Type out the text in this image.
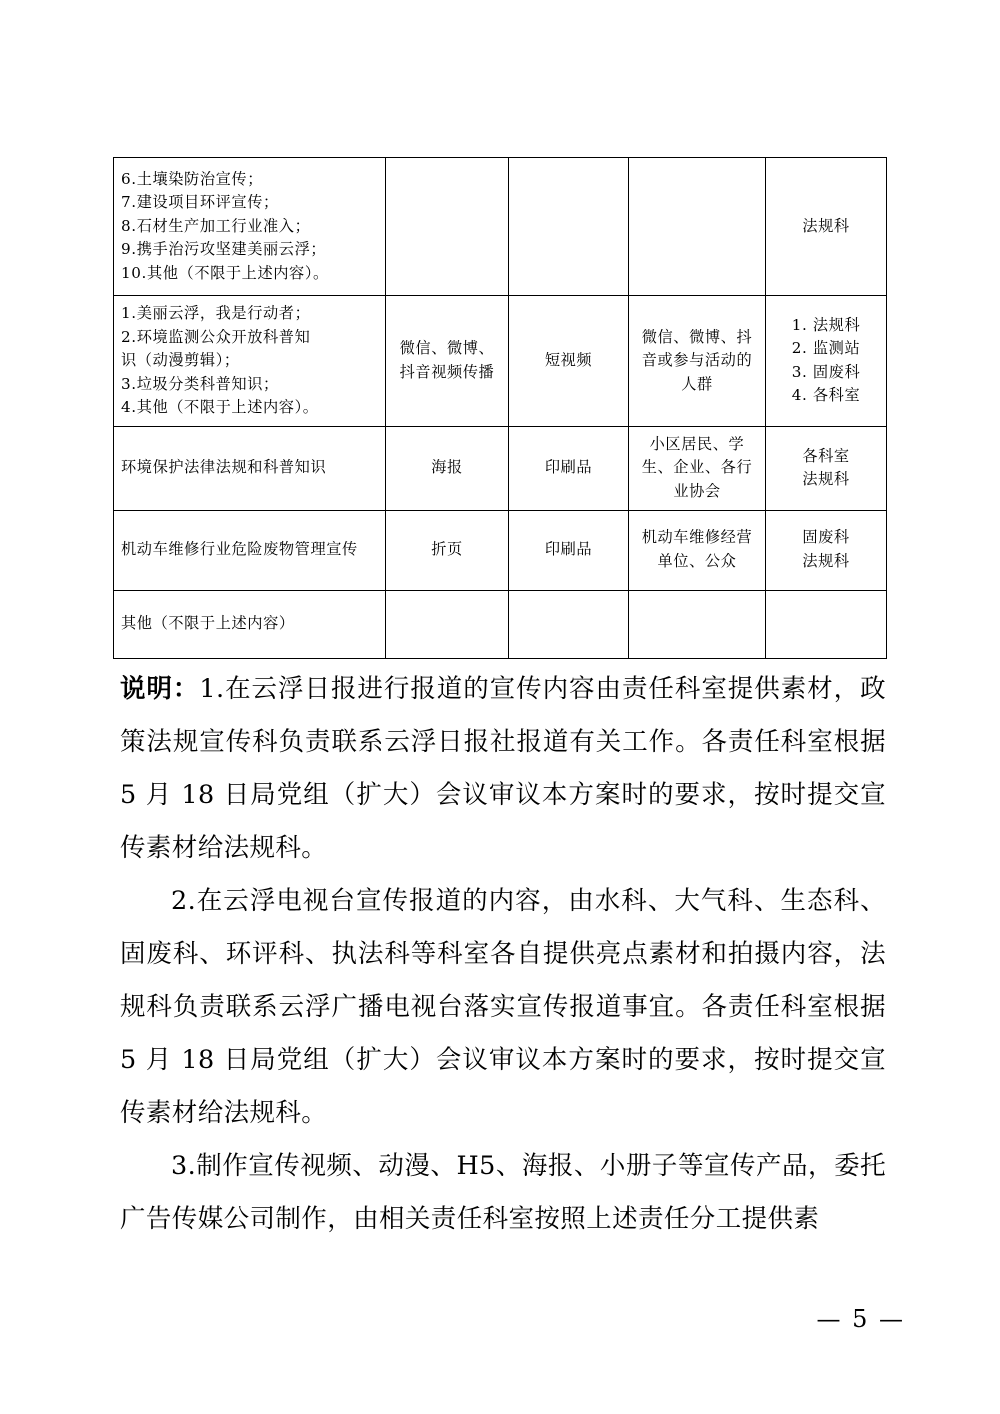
6.土壤染防治宣传；
7.建设项目环评宣传；
8.石材生产加工行业准入；
9.携手治污攻坚建美丽云浮；
10.其他（不限于上述内容）。				法规科

1.美丽云浮，我是行动者；
2.环境监测公众开放科普知
识（动漫剪辑）；
3.垃圾分类科普知识；
4.其他（不限于上述内容）。	微信、微博、抖音视频传播	短视频	微信、微博、抖音或参与活动的人群	1. 法规科
2. 监测站
3. 固废科
4. 各科室

环境保护法律法规和科普知识	海报	印刷品	小区居民、学生、企业、各行业协会	各科室
法规科

机动车维修行业危险废物管理宣传	折页	印刷品	机动车维修经营单位、公众	固废科
法规科

其他（不限于上述内容）				

说明：1.在云浮日报进行报道的宣传内容由责任科室提供素材，政策法规宣传科负责联系云浮日报社报道有关工作。各责任科室根据 5 月 18 日局党组（扩大）会议审议本方案时的要求，按时提交宣传素材给法规科。

2.在云浮电视台宣传报道的内容，由水科、大气科、生态科、固废科、环评科、执法科等科室各自提供亮点素材和拍摄内容，法规科负责联系云浮广播电视台落实宣传报道事宜。各责任科室根据 5 月 18 日局党组（扩大）会议审议本方案时的要求，按时提交宣传素材给法规科。

3.制作宣传视频、动漫、H5、海报、小册子等宣传产品，委托广告传媒公司制作，由相关责任科室按照上述责任分工提供素

— 5 —
